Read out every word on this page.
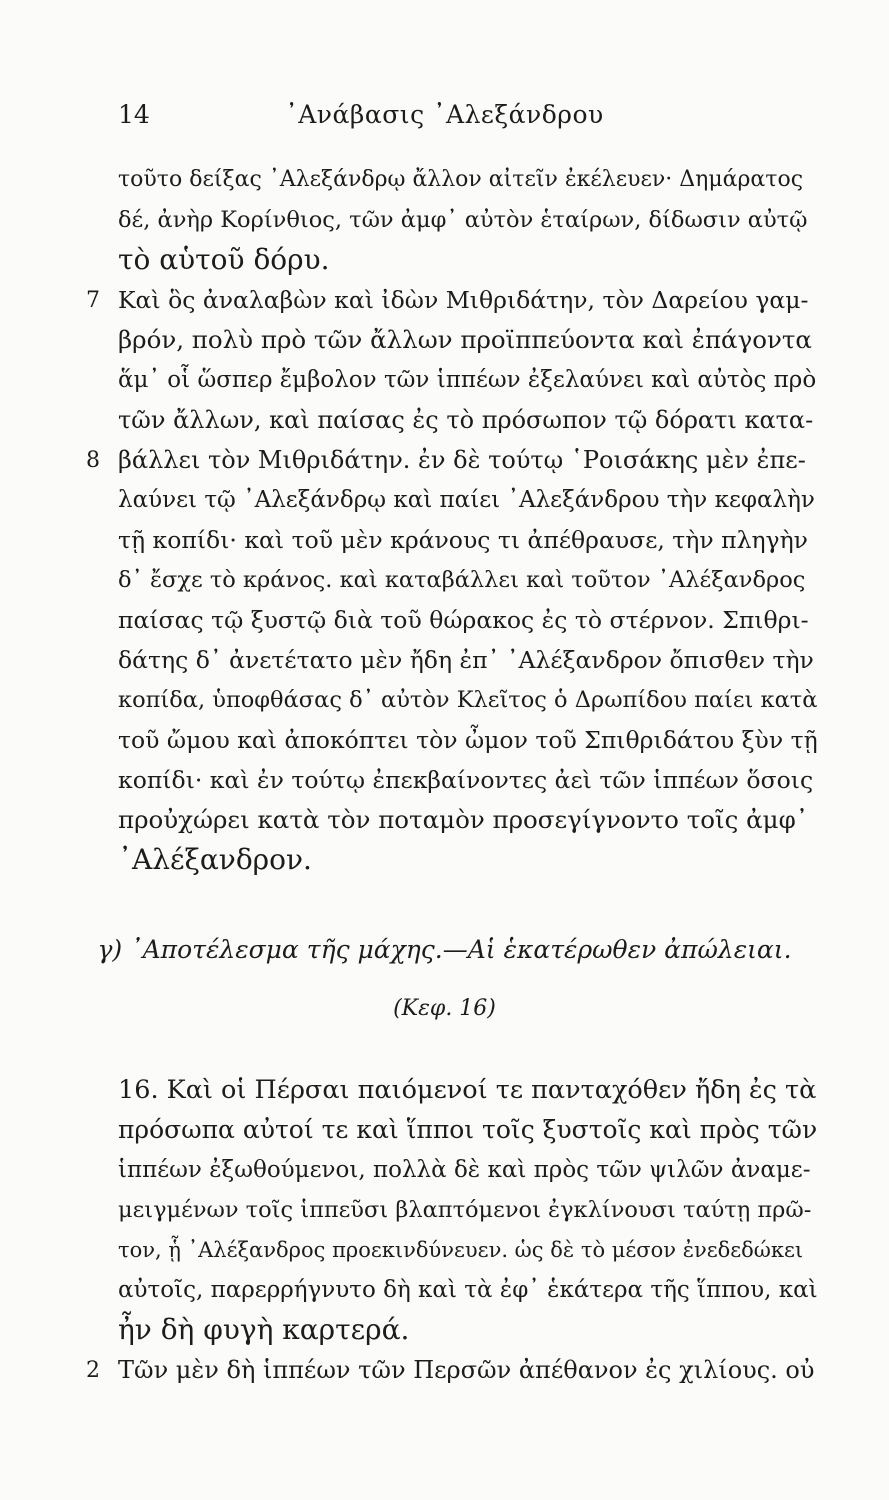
14	᾿Ανάβασις ᾿Αλεξάνδρου
τοῦτο δείξας ᾿Αλεξάνδρῳ ἄλλον αἰτεῖν ἐκέλευεν· Δημάρατος
δέ, ἀνὴρ Κορίνθιος, τῶν ἀμφ᾿ αὐτὸν ἑταίρων, δίδωσιν αὐτῷ
τὸ αὑτοῦ δόρυ.
7 Καὶ ὃς ἀναλαβὼν καὶ ἰδὼν Μιθριδάτην, τὸν Δαρείου γαμ-
βρόν, πολὺ πρὸ τῶν ἄλλων προϊππεύοντα καὶ ἐπάγοντα
ἅμ᾿ οἷ ὥσπερ ἔμβολον τῶν ἱππέων ἐξελαύνει καὶ αὐτὸς πρὸ
τῶν ἄλλων, καὶ παίσας ἐς τὸ πρόσωπον τῷ δόρατι κατα-
8 βάλλει τὸν Μιθριδάτην. ἐν δὲ τούτῳ ῾Ροισάκης μὲν ἐπε-
λαύνει τῷ ᾿Αλεξάνδρῳ καὶ παίει ᾿Αλεξάνδρου τὴν κεφαλὴν
τῇ κοπίδι· καὶ τοῦ μὲν κράνους τι ἀπέθραυσε, τὴν πληγὴν
δ᾿ ἔσχε τὸ κράνος. καὶ καταβάλλει καὶ τοῦτον ᾿Αλέξανδρος
παίσας τῷ ξυστῷ διὰ τοῦ θώρακος ἐς τὸ στέρνον. Σπιθρι-
δάτης δ᾿ ἀνετέτατο μὲν ἤδη ἐπ᾿ ᾿Αλέξανδρον ὄπισθεν τὴν
κοπίδα, ὑποφθάσας δ᾿ αὐτὸν Κλεῖτος ὁ Δρωπίδου παίει κατὰ
τοῦ ὤμου καὶ ἀποκόπτει τὸν ὦμον τοῦ Σπιθριδάτου ξὺν τῇ
κοπίδι· καὶ ἐν τούτῳ ἐπεκβαίνοντες ἀεὶ τῶν ἱππέων ὅσοις
προὐχώρει κατὰ τὸν ποταμὸν προσεγίγνοντο τοῖς ἀμφ᾿
᾿Αλέξανδρον.
γ) ᾿Αποτέλεσμα τῆς μάχης.—Αἱ ἑκατέρωθεν ἀπώλειαι.
(Κεφ. 16)
16. Καὶ οἱ Πέρσαι παιόμενοί τε πανταχόθεν ἤδη ἐς τὰ
πρόσωπα αὐτοί τε καὶ ἵπποι τοῖς ξυστοῖς καὶ πρὸς τῶν
ἱππέων ἐξωθούμενοι, πολλὰ δὲ καὶ πρὸς τῶν ψιλῶν ἀναμε-
μειγμένων τοῖς ἱππεῦσι βλαπτόμενοι ἐγκλίνουσι ταύτῃ πρῶ-
τον, ᾗ ᾿Αλέξανδρος προεκινδύνευεν. ὡς δὲ τὸ μέσον ἐνεδεδώκει
αὐτοῖς, παρερρήγνυτο δὴ καὶ τὰ ἐφ᾿ ἑκάτερα τῆς ἵππου, καὶ
ἦν δὴ φυγὴ καρτερά.
2 Τῶν μὲν δὴ ἱππέων τῶν Περσῶν ἀπέθανον ἐς χιλίους. οὐ
